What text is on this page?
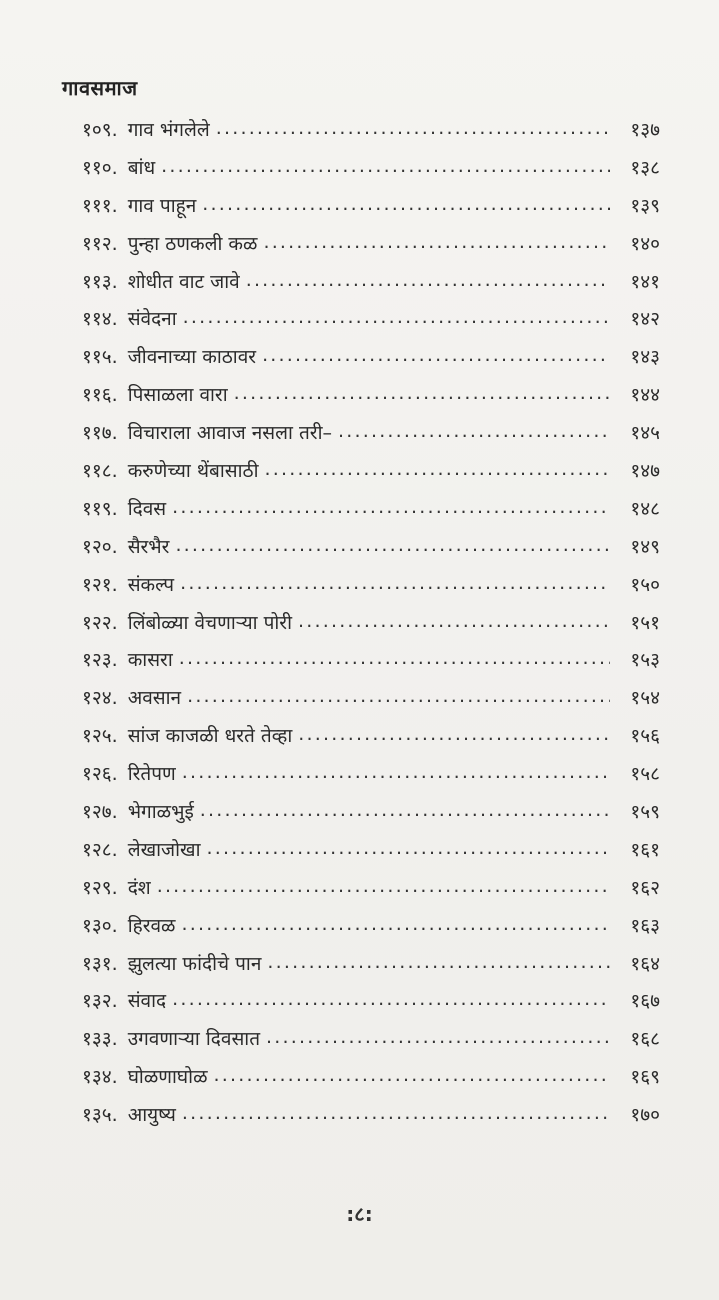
गावसमाज
१०९. गाव भंगलेले .....	१३७
११०. बांध .....	१३८
१११. गाव पाहून .....	१३९
११२. पुन्हा ठणकली कळ .....	१४०
११३. शोधीत वाट जावे .....	१४१
११४. संवेदना .....	१४२
११५. जीवनाच्या काठावर .....	१४३
११६. पिसाळला वारा .....	१४४
११७. विचाराला आवाज नसला तरी– .....	१४५
११८. करुणेच्या थेंबासाठी .....	१४७
११९. दिवस .....	१४८
१२०. सैरभैर .....	१४९
१२१. संकल्प .....	१५०
१२२. लिंबोळ्या वेचणाऱ्या पोरी .....	१५१
१२३. कासरा .....	१५३
१२४. अवसान .....	१५४
१२५. सांज काजळी धरते तेव्हा .....	१५६
१२६. रितेपण .....	१५८
१२७. भेगाळभुई .....	१५९
१२८. लेखाजोखा .....	१६१
१२९. दंश .....	१६२
१३०. हिरवळ .....	१६३
१३१. झुलत्या फांदीचे पान .....	१६४
१३२. संवाद .....	१६७
१३३. उगवणाऱ्या दिवसात .....	१६८
१३४. घोळणाघोळ .....	१६९
१३५. आयुष्य .....	१७०
:८:
